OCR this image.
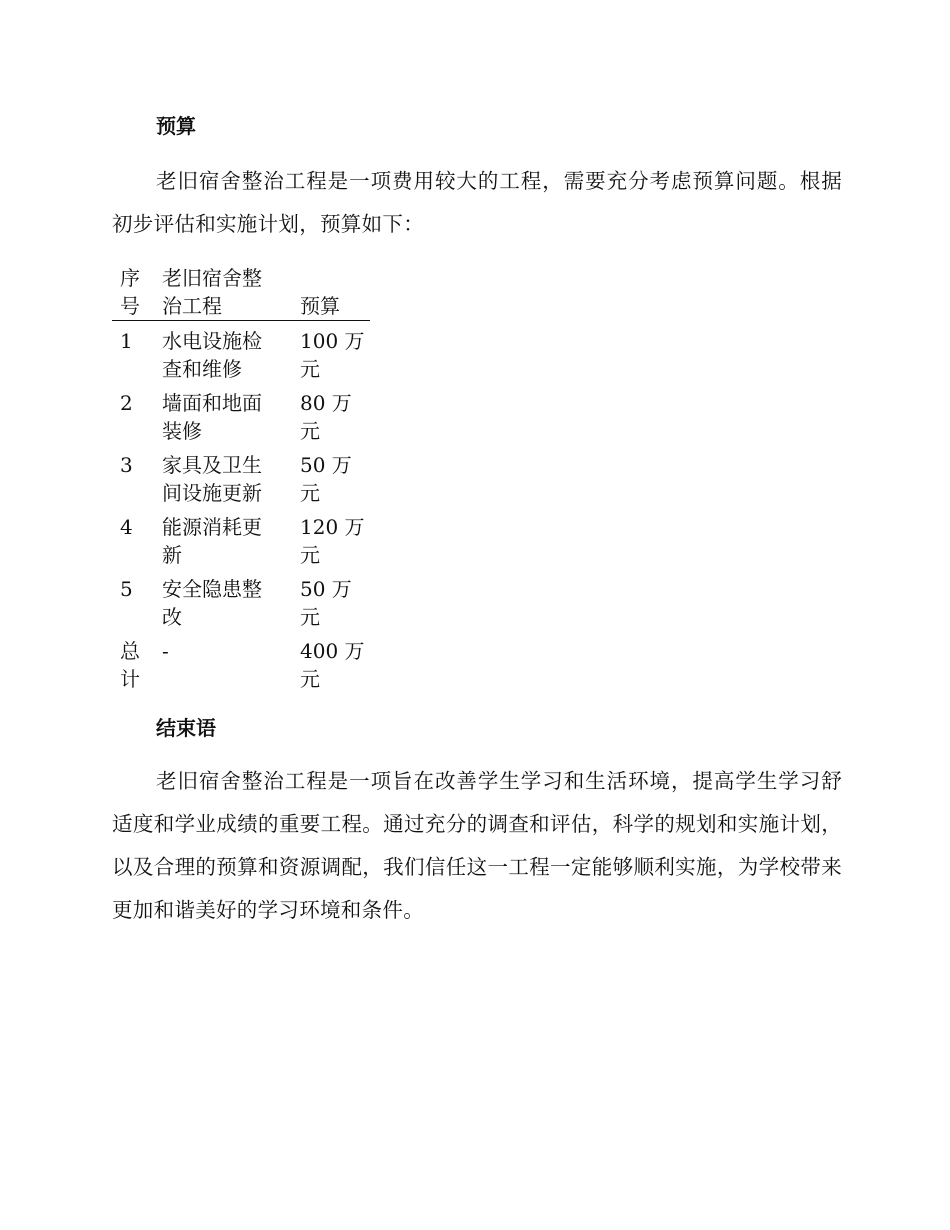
预算

老旧宿舍整治工程是一项费用较大的工程，需要充分考虑预算问题。根据初步评估和实施计划，预算如下：

序号	老旧宿舍整治工程	预算
1	水电设施检查和维修	100 万元
2	墙面和地面装修	80 万元
3	家具及卫生间设施更新	50 万元
4	能源消耗更新	120 万元
5	安全隐患整改	50 万元
总计	-	400 万元
结束语

老旧宿舍整治工程是一项旨在改善学生学习和生活环境，提高学生学习舒适度和学业成绩的重要工程。通过充分的调查和评估，科学的规划和实施计划，以及合理的预算和资源调配，我们信任这一工程一定能够顺利实施，为学校带来更加和谐美好的学习环境和条件。
